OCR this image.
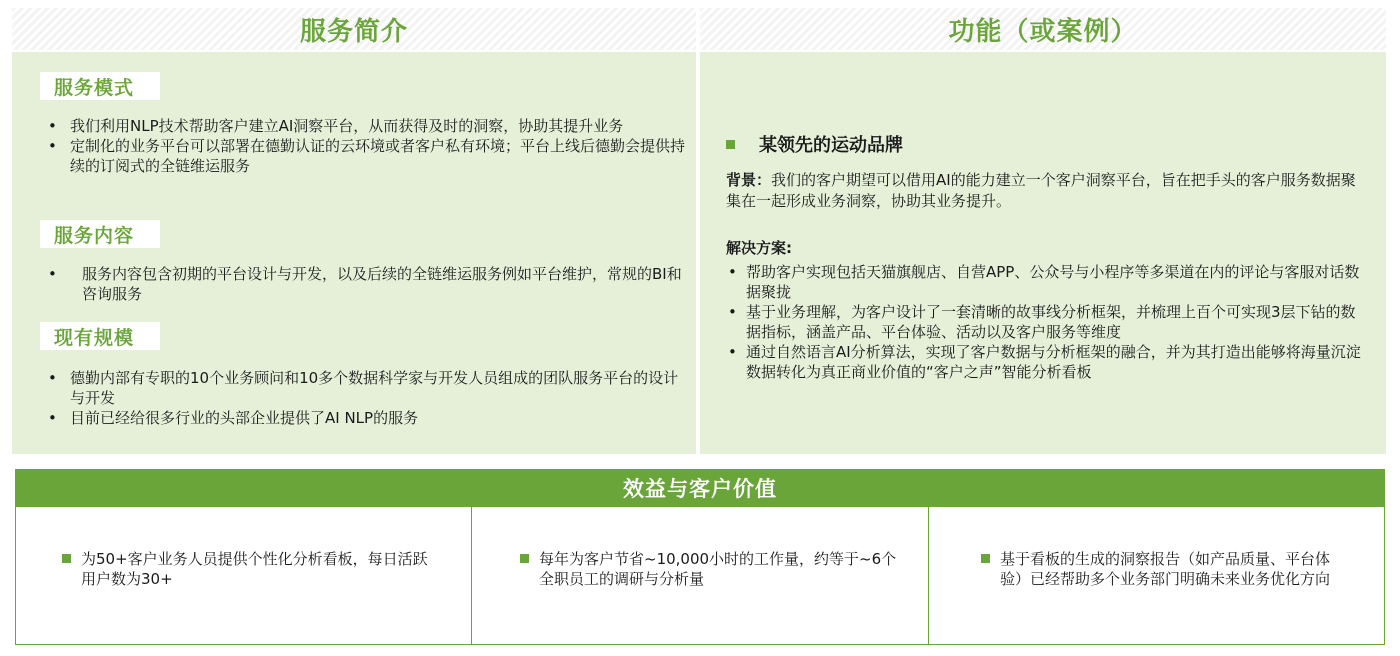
服务简介	功能（或案例）
服务模式
• 我们利用NLP技术帮助客户建立AI洞察平台，从而获得及时的洞察，协助其提升业务
• 定制化的业务平台可以部署在德勤认证的云环境或者客户私有环境；平台上线后德勤会提供持续的订阅式的全链维运服务
服务内容
• 服务内容包含初期的平台设计与开发，以及后续的全链维运服务例如平台维护，常规的BI和咨询服务
现有规模
• 德勤内部有专职的10个业务顾问和10多个数据科学家与开发人员组成的团队服务平台的设计与开发
• 目前已经给很多行业的头部企业提供了AI NLP的服务
某领先的运动品牌
背景：我们的客户期望可以借用AI的能力建立一个客户洞察平台，旨在把手头的客户服务数据聚集在一起形成业务洞察，协助其业务提升。
解决方案:
• 帮助客户实现包括天猫旗舰店、自营APP、公众号与小程序等多渠道在内的评论与客服对话数据聚拢
• 基于业务理解，为客户设计了一套清晰的故事线分析框架，并梳理上百个可实现3层下钻的数据指标，涵盖产品、平台体验、活动以及客户服务等维度
• 通过自然语言AI分析算法，实现了客户数据与分析框架的融合，并为其打造出能够将海量沉淀数据转化为真正商业价值的“客户之声”智能分析看板
效益与客户价值
为50+客户业务人员提供个性化分析看板，每日活跃用户数为30+
每年为客户节省~10,000小时的工作量，约等于~6个全职员工的调研与分析量
基于看板的生成的洞察报告（如产品质量、平台体验）已经帮助多个业务部门明确未来业务优化方向
